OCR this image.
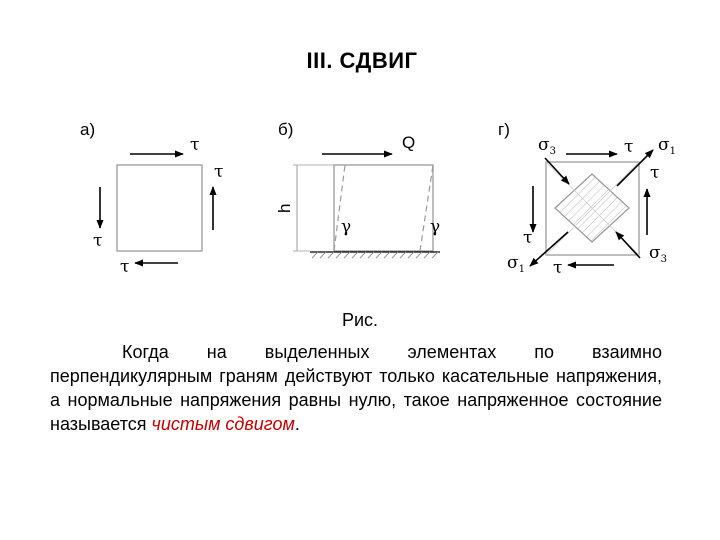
III. СДВИГ
а)
τ
τ
τ
τ
б)
Q
γ	γ
h
г)
τ
τ
τ
τ
$\sigma_3$
$\sigma_3$
$\sigma_1$
$\sigma_1$
Рис.
Когда на выделенных элементах по взаимно перпендикулярным граням действуют только касательные напряжения, а нормальные напряжения равны нулю, такое напряженное состояние называется чистым сдвигом.
